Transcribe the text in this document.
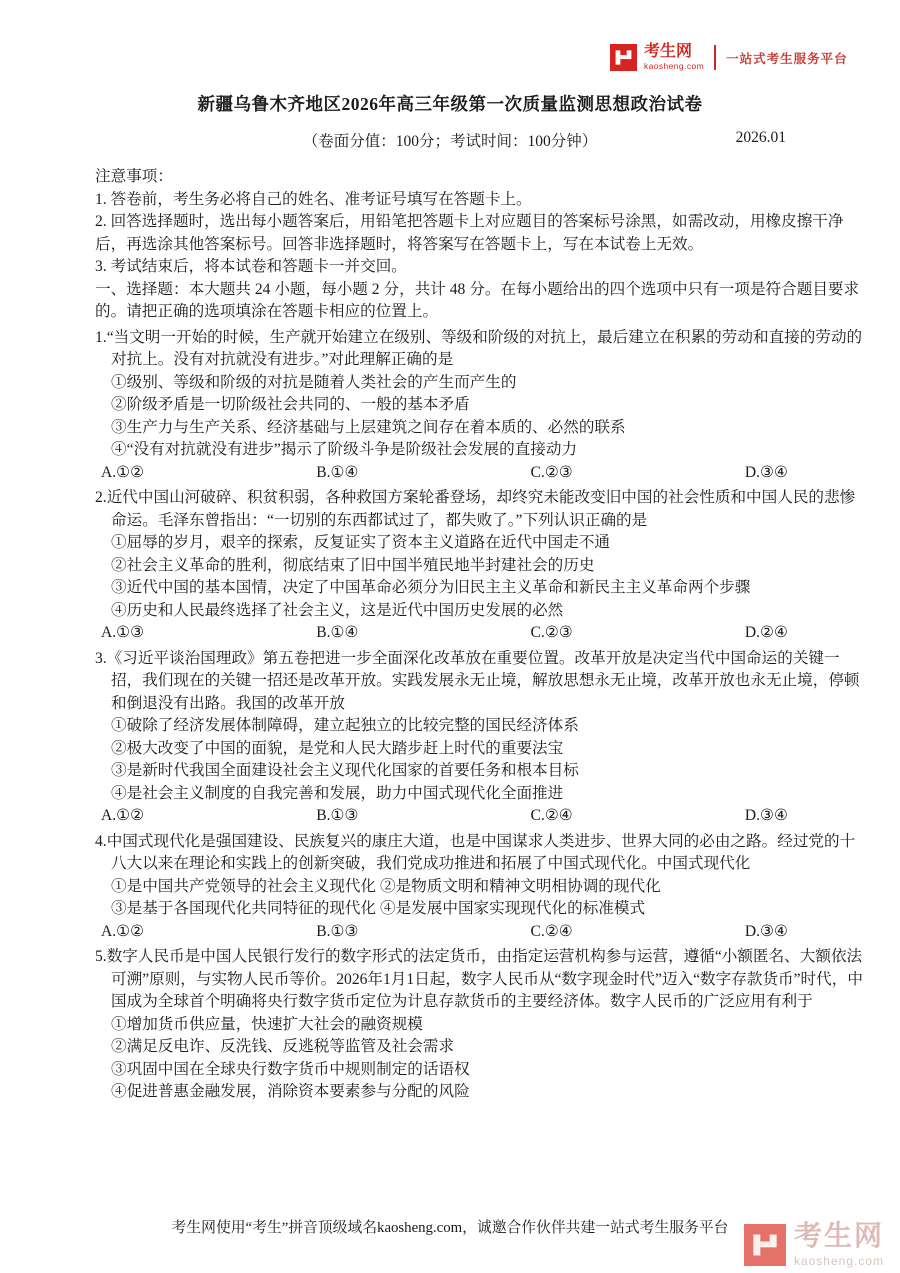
考生网
kaosheng.com
一站式考生服务平台
新疆乌鲁木齐地区2026年高三年级第一次质量监测思想政治试卷
（卷面分值：100分；考试时间：100分钟）	2026.01

注意事项：

1. 答卷前，考生务必将自己的姓名、准考证号填写在答题卡上。

2. 回答选择题时，选出每小题答案后，用铅笔把答题卡上对应题目的答案标号涂黑，如需改动，用橡皮擦干净后，再选涂其他答案标号。回答非选择题时，将答案写在答题卡上，写在本试卷上无效。

3. 考试结束后，将本试卷和答题卡一并交回。

一、选择题：本大题共 24 小题，每小题 2 分，共计 48 分。在每小题给出的四个选项中只有一项是符合题目要求的。请把正确的选项填涂在答题卡相应的位置上。

1.“当文明一开始的时候，生产就开始建立在级别、等级和阶级的对抗上，最后建立在积累的劳动和直接的劳动的对抗上。没有对抗就没有进步。”对此理解正确的是

①级别、等级和阶级的对抗是随着人类社会的产生而产生的

②阶级矛盾是一切阶级社会共同的、一般的基本矛盾

③生产力与生产关系、经济基础与上层建筑之间存在着本质的、必然的联系

④“没有对抗就没有进步”揭示了阶级斗争是阶级社会发展的直接动力

A.①②	B.①④	C.②③	D.③④

2.近代中国山河破碎、积贫积弱，各种救国方案轮番登场，却终究未能改变旧中国的社会性质和中国人民的悲惨命运。毛泽东曾指出：“一切别的东西都试过了，都失败了。”下列认识正确的是

①屈辱的岁月，艰辛的探索，反复证实了资本主义道路在近代中国走不通

②社会主义革命的胜利，彻底结束了旧中国半殖民地半封建社会的历史

③近代中国的基本国情，决定了中国革命必须分为旧民主主义革命和新民主主义革命两个步骤

④历史和人民最终选择了社会主义，这是近代中国历史发展的必然

A.①③	B.①④	C.②③	D.②④

3.《习近平谈治国理政》第五卷把进一步全面深化改革放在重要位置。改革开放是决定当代中国命运的关键一招，我们现在的关键一招还是改革开放。实践发展永无止境，解放思想永无止境，改革开放也永无止境，停顿和倒退没有出路。我国的改革开放

①破除了经济发展体制障碍，建立起独立的比较完整的国民经济体系

②极大改变了中国的面貌，是党和人民大踏步赶上时代的重要法宝

③是新时代我国全面建设社会主义现代化国家的首要任务和根本目标

④是社会主义制度的自我完善和发展，助力中国式现代化全面推进

A.①②	B.①③	C.②④	D.③④

4.中国式现代化是强国建设、民族复兴的康庄大道，也是中国谋求人类进步、世界大同的必由之路。经过党的十八大以来在理论和实践上的创新突破，我们党成功推进和拓展了中国式现代化。中国式现代化

①是中国共产党领导的社会主义现代化 ②是物质文明和精神文明相协调的现代化

③是基于各国现代化共同特征的现代化 ④是发展中国家实现现代化的标准模式

A.①②	B.①③	C.②④	D.③④

5.数字人民币是中国人民银行发行的数字形式的法定货币，由指定运营机构参与运营，遵循“小额匿名、大额依法可溯”原则，与实物人民币等价。2026年1月1日起，数字人民币从“数字现金时代”迈入“数字存款货币”时代，中国成为全球首个明确将央行数字货币定位为计息存款货币的主要经济体。数字人民币的广泛应用有利于

①增加货币供应量，快速扩大社会的融资规模

②满足反电诈、反洗钱、反逃税等监管及社会需求

③巩固中国在全球央行数字货币中规则制定的话语权

④促进普惠金融发展，消除资本要素参与分配的风险

考生网使用“考生”拼音顶级域名kaosheng.com，诚邀合作伙伴共建一站式考生服务平台	考生网
kaosheng.com
